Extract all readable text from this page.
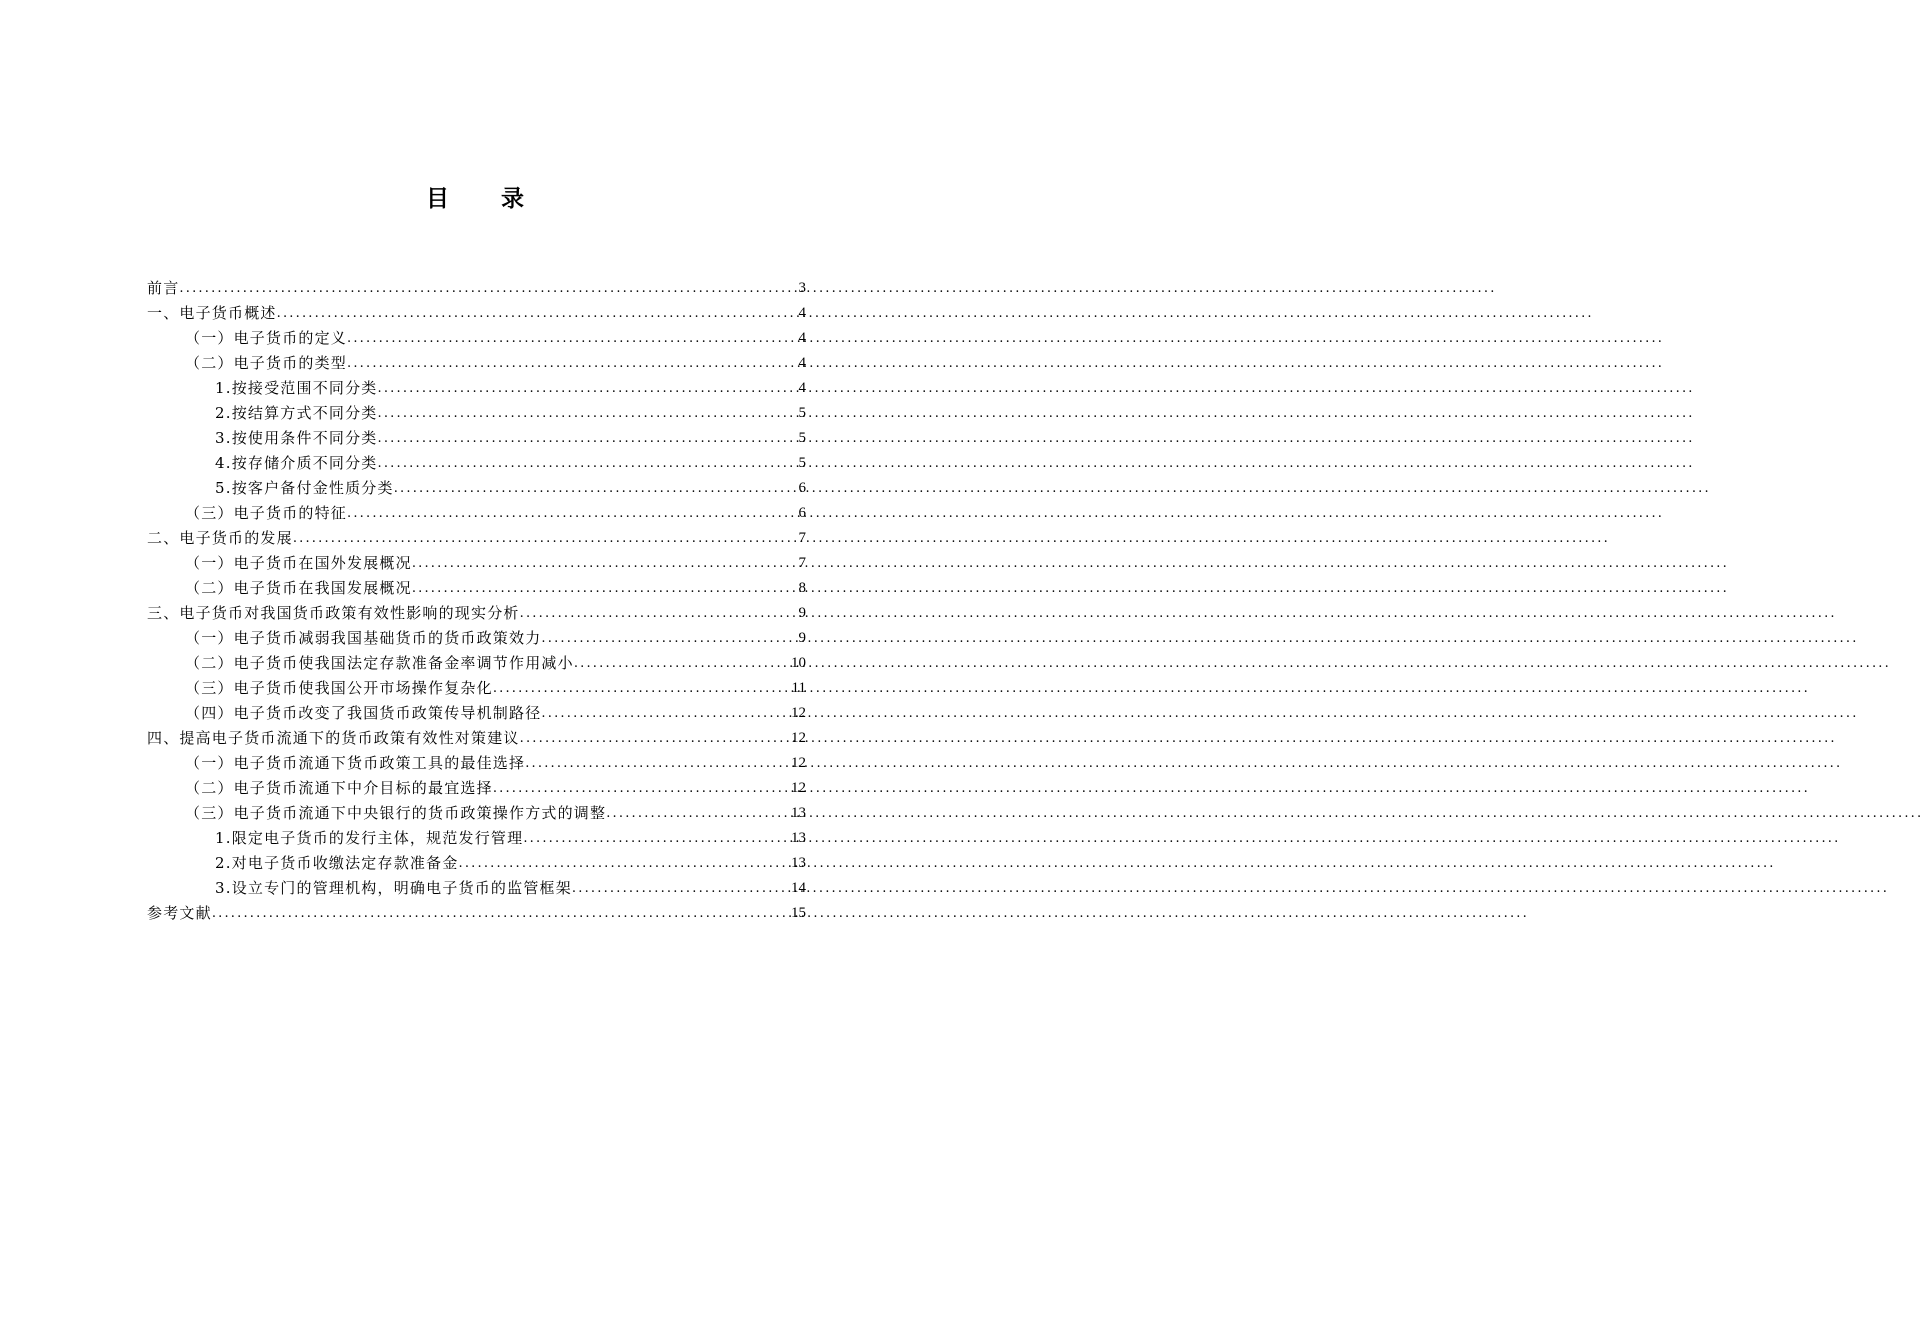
目 录
前言 .....	3
一、电子货币概述 .....	4
（一）电子货币的定义 .....	4
（二）电子货币的类型 .....	4
1.按接受范围不同分类 .....	4
2.按结算方式不同分类 .....	5
3.按使用条件不同分类 .....	5
4.按存储介质不同分类 .....	5
5.按客户备付金性质分类 .....	6
（三）电子货币的特征 .....	6
二、电子货币的发展 .....	7
（一）电子货币在国外发展概况 .....	7
（二）电子货币在我国发展概况 .....	8
三、电子货币对我国货币政策有效性影响的现实分析 .....	9
（一）电子货币减弱我国基础货币的货币政策效力 .....	9
（二）电子货币使我国法定存款准备金率调节作用减小 .....	10
（三）电子货币使我国公开市场操作复杂化 .....	11
（四）电子货币改变了我国货币政策传导机制路径 .....	12
四、提高电子货币流通下的货币政策有效性对策建议 .....	12
（一）电子货币流通下货币政策工具的最佳选择 .....	12
（二）电子货币流通下中介目标的最宜选择 .....	12
（三）电子货币流通下中央银行的货币政策操作方式的调整 .....	13
1.限定电子货币的发行主体，规范发行管理 .....	13
2.对电子货币收缴法定存款准备金 .....	13
3.设立专门的管理机构，明确电子货币的监管框架 .....	14
参考文献 .....	15
